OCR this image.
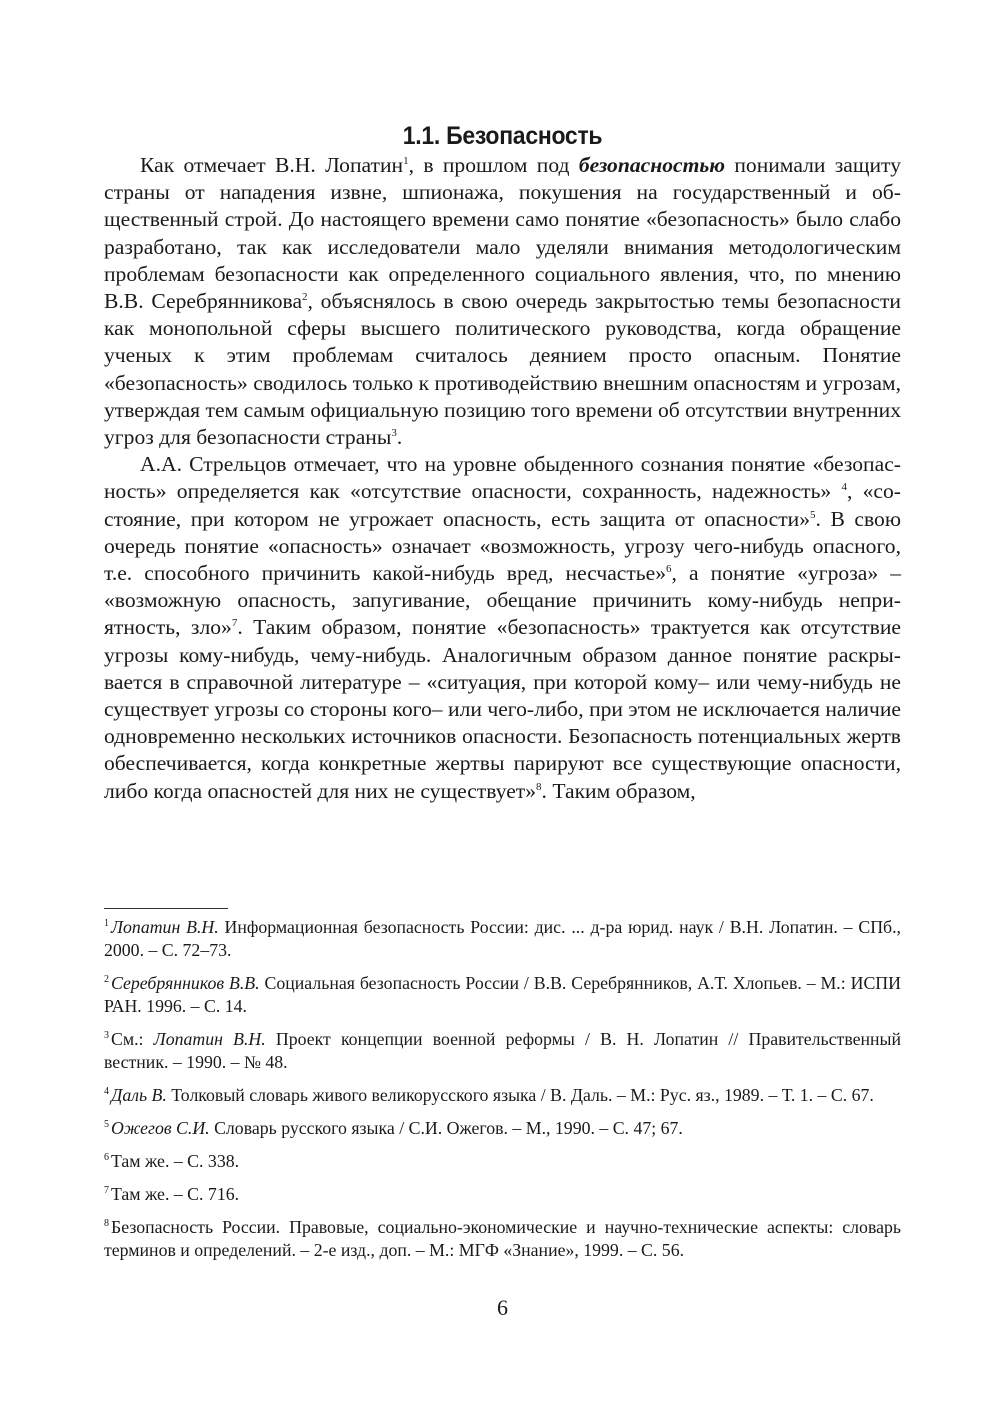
1.1. Безопасность

Как отмечает В.Н. Лопатин$^1$, в прошлом под безопасностью понимали защиту страны от нападения извне, шпионажа, покушения на государственный и общественный строй. До настоящего времени само понятие «безопасность» было слабо разработано, так как исследователи мало уделяли внимания методологическим проблемам безопасности как определенного социального явления, что, по мнению В.В. Серебрянникова$^2$, объяснялось в свою очередь закрытостью темы безопасности как монопольной сферы высшего политического руководства, когда обращение ученых к этим проблемам считалось деянием просто опасным. Понятие «безопасность» сводилось только к противодействию внешним опасностям и угрозам, утверждая тем самым официальную позицию того времени об отсутствии внутренних угроз для безопасности страны$^3$.

А.А. Стрельцов отмечает, что на уровне обыденного сознания понятие «безопасность» определяется как «отсутствие опасности, сохранность, надежность» $^4$, «состояние, при котором не угрожает опасность, есть защита от опасности»$^5$. В свою очередь понятие «опасность» означает «возможность, угрозу чего-нибудь опасного, т.е. способного причинить какой-нибудь вред, несчастье»$^6$, а понятие «угроза» – «возможную опасность, запугивание, обещание причинить кому-нибудь неприятность, зло»$^7$. Таким образом, понятие «безопасность» трактуется как отсутствие угрозы кому-нибудь, чему-нибудь. Аналогичным образом данное понятие раскрывается в справочной литературе – «ситуация, при которой кому– или чему-нибудь не существует угрозы со стороны кого– или чего-либо, при этом не исключается наличие одновременно нескольких источников опасности. Безопасность потенциальных жертв обеспечивается, когда конкретные жертвы парируют все существующие опасности, либо когда опасностей для них не существует»$^8$. Таким образом,

$^1$ Лопатин В.Н. Информационная безопасность России: дис. ... д-ра юрид. наук / В.Н. Лопатин. – СПб., 2000. – С. 72–73.

$^2$ Серебрянников В.В. Социальная безопасность России / В.В. Серебрянников, А.Т. Хлопьев. – М.: ИСПИ РАН. 1996. – С. 14.

$^3$ См.: Лопатин В.Н. Проект концепции военной реформы / В. Н. Лопатин // Правительственный вестник. – 1990. – № 48.

$^4$ Даль В. Толковый словарь живого великорусского языка / В. Даль. – М.: Рус. яз., 1989. – Т. 1. – С. 67.

$^5$ Ожегов С.И. Словарь русского языка / С.И. Ожегов. – М., 1990. – С. 47; 67.

$^6$ Там же. – С. 338.

$^7$ Там же. – С. 716.

$^8$ Безопасность России. Правовые, социально-экономические и научно-технические аспекты: словарь терминов и определений. – 2-е изд., доп. – М.: МГФ «Знание», 1999. – С. 56.

6
